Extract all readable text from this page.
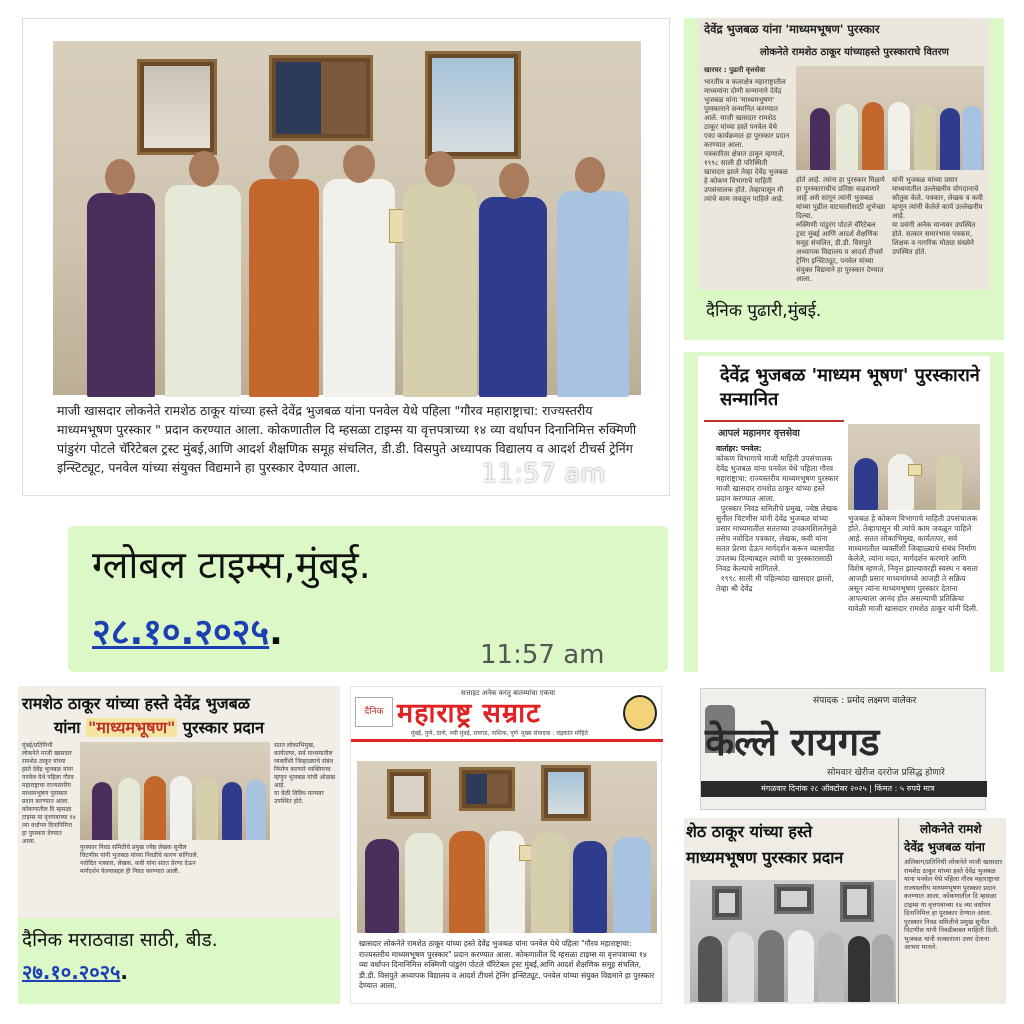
माजी खासदार लोकनेते रामशेठ ठाकूर यांच्या हस्ते देवेंद्र भुजबळ यांना पनवेल येथे पहिला "गौरव महाराष्ट्राचा: राज्यस्तरीय माध्यमभूषण पुरस्कार " प्रदान करण्यात आला. कोकणातील दि म्हसळा टाइम्स या वृत्तपत्राच्या १४ व्या वर्धापन दिनानिमित्त रुक्मिणी पांडुरंग पोटले चॅरिटेबल ट्रस्ट मुंबई,आणि आदर्श शैक्षणिक समूह संचलित, डी.डी. विसपुते अध्यापक विद्यालय व आदर्श टीचर्स ट्रेनिंग इन्स्टिट्यूट, पनवेल यांच्या संयुक्त विद्यमाने हा पुरस्कार देण्यात आला.	11:57 am
ग्लोबल टाइम्स,मुंबई.
२८.१०.२०२५.
11:57 am
देवेंद्र भुजबळ यांना 'माध्यमभूषण' पुरस्कार
लोकनेते रामशेठ ठाकूर यांच्याहस्ते पुरस्काराचे वितरण
खारघर : पुढारी वृत्तसेवा
भारतीय व कलाक्षेत्र महाराष्ट्रातील माध्यमांना दोणी सन्मानाने देवेंद्र भुजबळ यांना 'माध्यमभूषण' पुरस्काराने सन्मानित करण्यात आले. माजी खासदार रामशेठ ठाकूर यांच्या हस्ते पनवेल येथे एका कार्यक्रमात हा पुरस्कार प्रदान करण्यात आला.
पत्रकारिता क्षेत्रात ठाकूर म्हणाले, १९९८ साली ही परिस्थिती खासदार झाले तेव्हा देवेंद्र भुजबळ हे कोकण विभागाचे माहिती उपसंचालक होते. तेव्हापासून मी त्यांचे काम जवळून पाहिले आहे.
होते आहे. त्यांना हा पुरस्कार मिळणे हा पुरस्काराचीच प्रतिष्ठा वाढवणारे आहे असे सांगून त्यांनी भुजबळ यांच्या पुढील वाटचालीसाठी शुभेच्छा दिल्या.
रुक्मिणी पांडुरंग पोटले चॅरिटेबल ट्रस्ट मुंबई आणि आदर्श शैक्षणिक समूह संचलित, डी.डी. विसपुते अध्यापक विद्यालय व आदर्श टीचर्स ट्रेनिंग इन्स्टिट्यूट, पनवेल यांच्या संयुक्त विद्यमाने हा पुरस्कार देण्यात आला.
यांनी भुजबळ यांच्या प्रसार माध्यमातील उल्लेखनीय योगदानाचे कौतुक केले. पत्रकार, लेखक व कवी म्हणून त्यांनी केलेले कार्य उल्लेखनीय आहे.
या प्रसंगी अनेक मान्यवर उपस्थित होते. सत्कार समारंभास पत्रकार, शिक्षक व नागरिक मोठ्या संख्येने उपस्थित होते.
दैनिक पुढारी,मुंबई.
देवेंद्र भुजबळ 'माध्यम भूषण' पुरस्काराने सन्मानित
आपलं महानगर वृत्तसेवा
वार्ताहर: पनवेल:
कोकण विभागाचे माजी माहिती उपसंचालक देवेंद्र भुजबळ यांना पनवेल येथे पहिला गौरव महाराष्ट्राचा: राज्यस्तरीय माध्यमभूषण पुरस्कार माजी खासदार रामशेठ ठाकूर यांच्या हस्ते प्रदान करण्यात आला.
पुरस्कार निवड समितीचे प्रमुख, ज्येष्ठ लेखक सुनील चिटणीस यांनी देवेंद्र भुजबळ यांच्या प्रसार माध्यमातील सततच्या उपक्रमशिलतेमुळे तसेच नवोदित पत्रकार, लेखक, कवी यांना सतत प्रेरणा देऊन मार्गदर्शन करून व्यासपीठ उपलब्ध दिल्याबद्दल त्यांची या पुरस्कारासाठी निवड केल्याचे सांगितले.
१९९८ साली मी पहिल्यांदा खासदार झालो, तेव्हा श्री देवेंद्र
भुजबळ हे कोकण विभागाचे माहिती उपसंचालक होते. तेव्हापासून मी त्यांचे काम जवळून पाहिले आहे. सतत लोकाभिमुख, कार्यतत्पर, सर्व माध्यमातील व्यक्तींशी जिव्हाळ्याचे संबंध निर्माण केलेले, त्यांना मदत, मार्गदर्शन करणारे आणि विशेष म्हणजे, निवृत्त झाल्यावरही स्वस्थ न बसता आजही प्रसार माध्यमांमध्ये आजही ते सक्रिय असून त्यांना माध्यमभूषण पुरस्कार देताना आपल्याला आनंद होत असल्याची प्रतिक्रिया यावेळी माजी खासदार रामशेठ ठाकूर यांनी दिली.
रामशेठ ठाकूर यांच्या हस्ते देवेंद्र भुजबळ
यांना "माध्यमभूषण" पुरस्कार प्रदान
मुंबई/प्रतिनिधी
लोकनेते माजी खासदार रामशेठ ठाकूर यांच्या हस्ते देवेंद्र भुजबळ यांना पनवेल येथे पहिला गौरव महाराष्ट्राचा राज्यस्तरीय माध्यमभूषण पुरस्कार प्रदान करण्यात आला.
कोकणातील दि म्हसळा टाइम्स या वृत्तपत्राच्या १४ व्या वर्धापन दिनानिमित्त हा पुरस्कार देण्यात आला.
पुरस्कार निवड समितीचे प्रमुख ज्येष्ठ लेखक सुनील चिटणीस यांनी भुजबळ यांच्या निवडीचे कारण सांगितले.
नवोदित पत्रकार, लेखक, कवी यांना सतत प्रेरणा देऊन मार्गदर्शन केल्याबद्दल ही निवड करण्यात आली.
सतत लोकाभिमुख, कार्यतत्पर, सर्व माध्यमातील व्यक्तींशी जिव्हाळ्याचे संबंध निर्माण करणारे व्यक्तिमत्त्व म्हणून भुजबळ यांची ओळख आहे.
या वेळी विविध मान्यवर उपस्थित होते.
दैनिक मराठवाडा साठी, बीड.
२७.१०.२०२५.
सत्ताहट अनेक करतु बातम्यांचा एकचा
दैनिक महाराष्ट्र सम्राट
मुंबई, पुणे, ठाणे, नवी मुंबई, रायगड, नाशिक, पुणे मुख्य संपादक : चंद्रकांत मोहिते
खासदार लोकनेते रामशेठ ठाकूर यांच्या हस्ते देवेंद्र भुजबळ यांना पनवेल येथे पहिला "गौरव महाराष्ट्राचा: राज्यस्तरीय माध्यमभूषण पुरस्कार" प्रदान करण्यात आला. कोकणातील दि म्हसळा टाइम्स या वृत्तपत्राच्या १४ व्या वर्धापन दिनानिमित्त रुक्मिणी पांडुरंग पोटले चॅरिटेबल ट्रस्ट मुंबई,आणि आदर्श शैक्षणिक समूह संचलित, डी.डी. विसपुते अध्यापक विद्यालय व आदर्श टीचर्स ट्रेनिंग इन्स्टिट्यूट, पनवेल यांच्या संयुक्त विद्यमाने हा पुरस्कार देण्यात आला.
संपादक : प्रमोद लक्ष्मण वालेकर
केल्ले रायगड
सोमवार खेरीज दररोज प्रसिद्ध होणारे
मंगळवार दिनांक २८ ऑक्टोबर २०२५ | किंमत : ५ रुपये मात्र
शेठ ठाकूर यांच्या हस्ते
माध्यमभूषण पुरस्कार प्रदान
लोकनेते रामशे
देवेंद्र भुजबळ यांना
अलिबाग/प्रतिनिधी लोकनेते माजी खासदार रामशेठ ठाकूर यांच्या हस्ते देवेंद्र भुजबळ यांना पनवेल येथे पहिला गौरव महाराष्ट्राचा राज्यस्तरीय माध्यमभूषण पुरस्कार प्रदान करण्यात आला. कोकणातील दि म्हसळा टाइम्स या वृत्तपत्राच्या १४ व्या वर्धापन दिनानिमित्त हा पुरस्कार देण्यात आला. पुरस्कार निवड समितीचे प्रमुख सुनील चिटणीस यांनी निवडीबाबत माहिती दिली. भुजबळ यांनी सत्काराला उत्तर देताना आभार मानले.
